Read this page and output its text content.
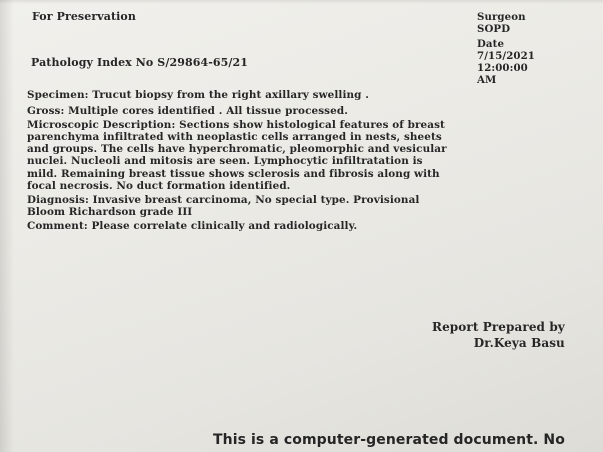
For Preservation
Pathology Index No S/29864-65/21
Surgeon
SOPD
Date
7/15/2021
12:00:00
AM
Specimen: Trucut biopsy from the right axillary swelling .
Gross: Multiple cores identified . All tissue processed.
Microscopic Description: Sections show histological features of breast
parenchyma infiltrated with neoplastic cells arranged in nests, sheets
and groups. The cells have hyperchromatic, pleomorphic and vesicular
nuclei. Nucleoli and mitosis are seen. Lymphocytic infiltratation is
mild. Remaining breast tissue shows sclerosis and fibrosis along with
focal necrosis. No duct formation identified.
Diagnosis: Invasive breast carcinoma, No special type. Provisional
Bloom Richardson grade III
Comment: Please correlate clinically and radiologically.
Report Prepared by
Dr.Keya Basu
This is a computer-generated document. No
